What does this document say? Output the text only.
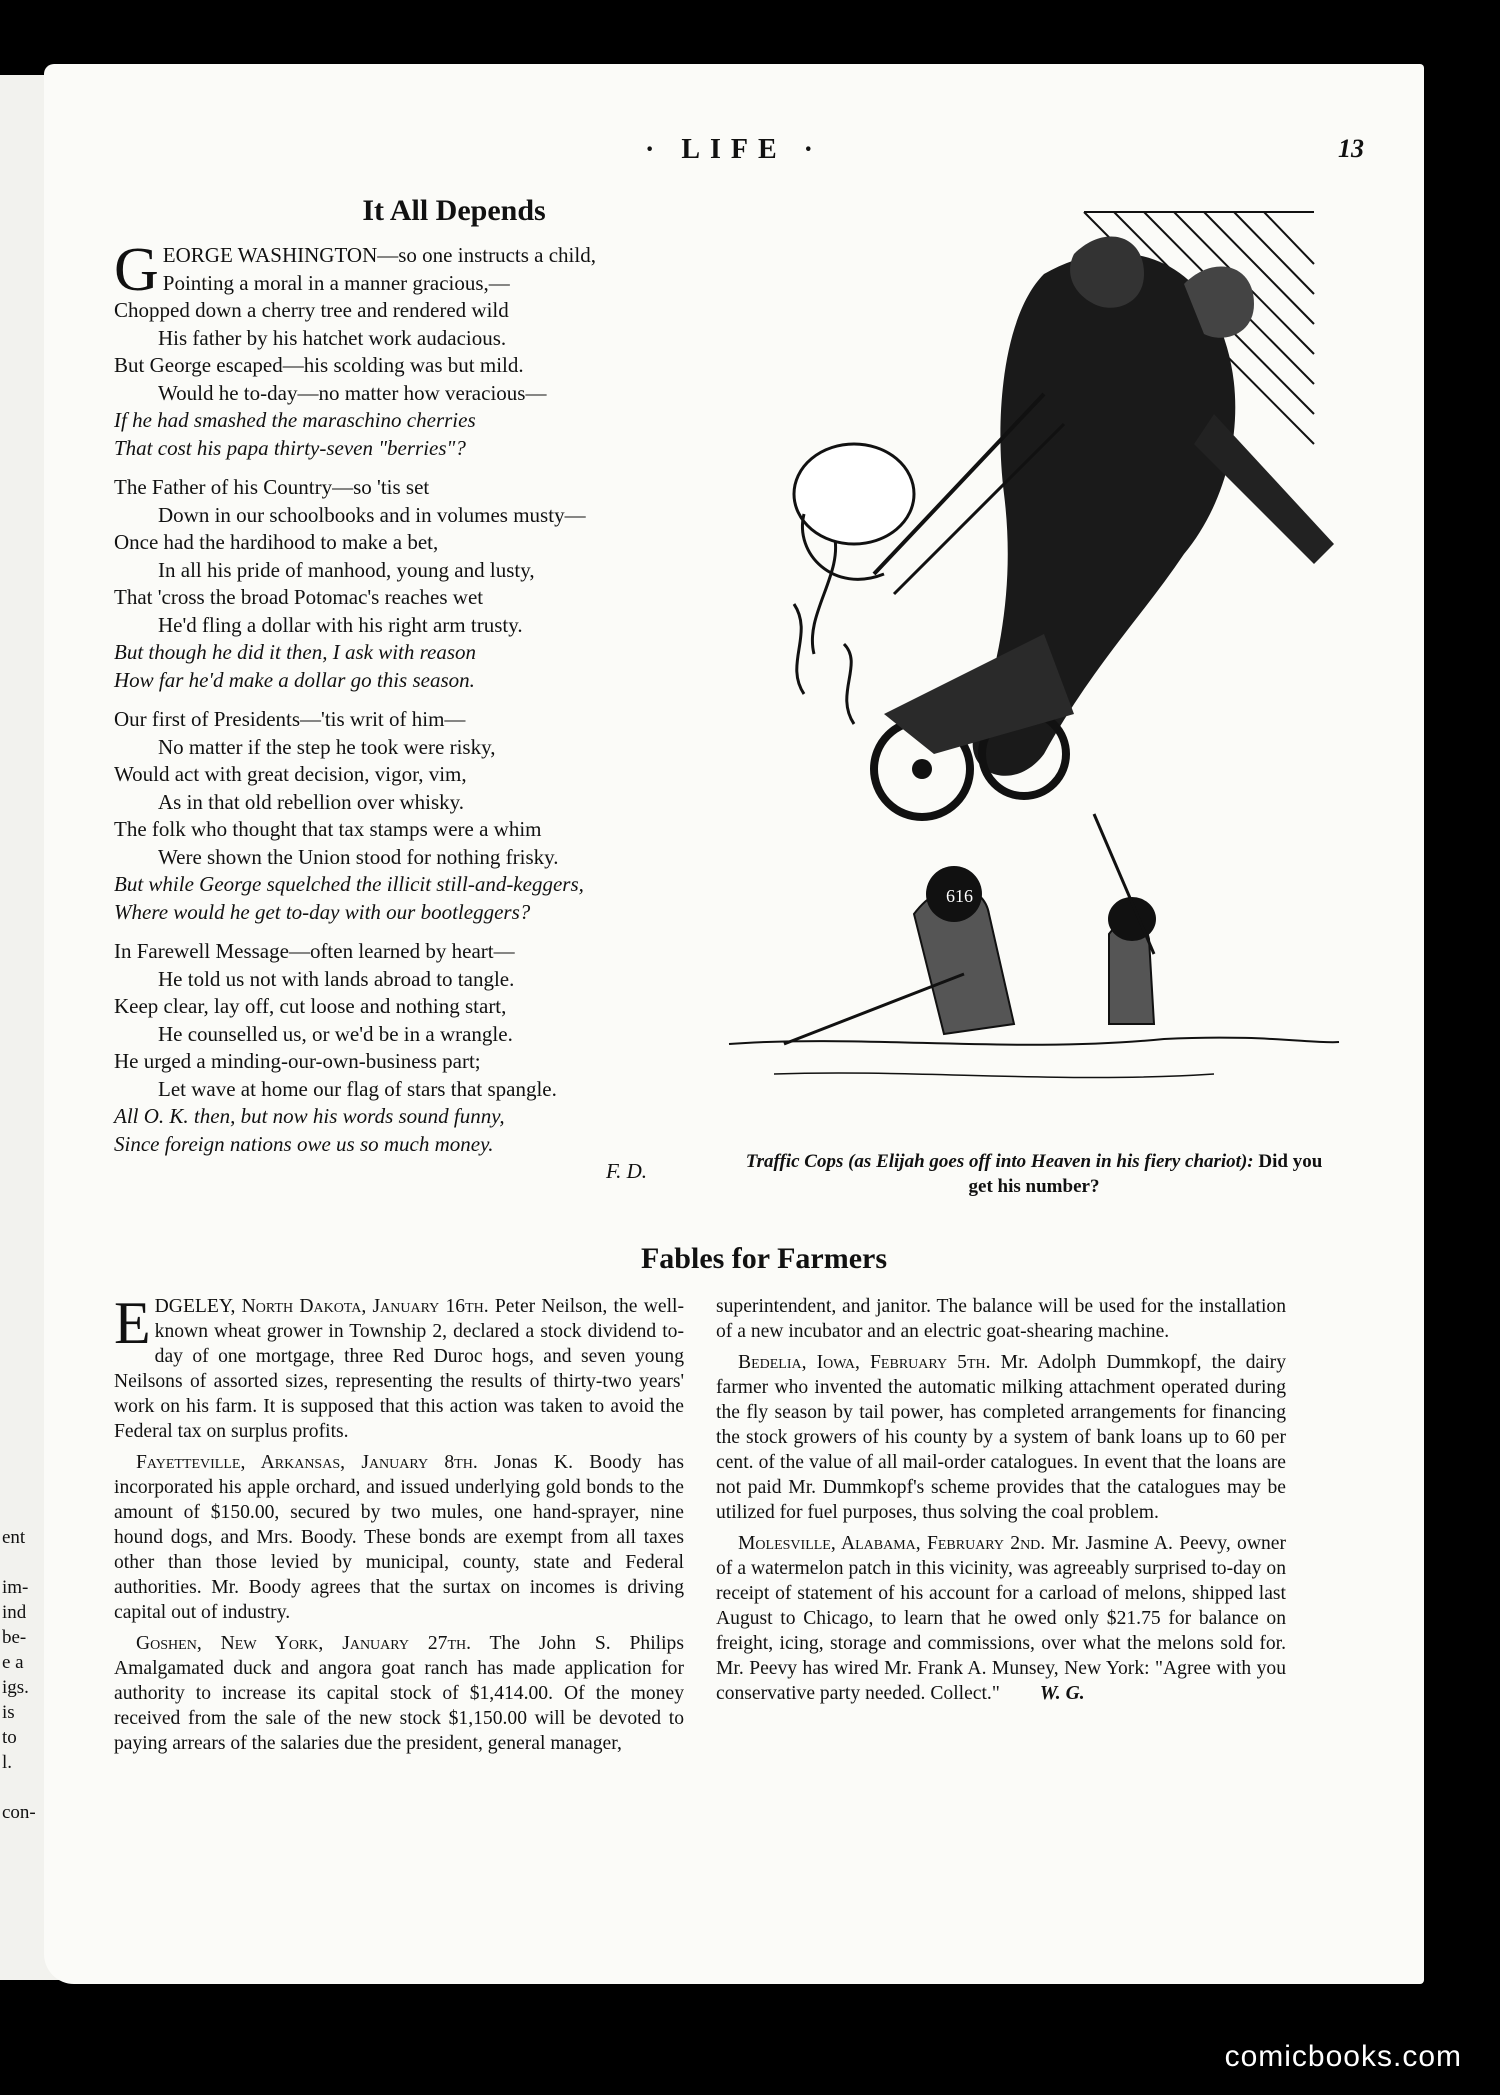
ent
im-
ind
be-
e a
igs.
is
to
l.
con-
· LIFE ·	13
It All Depends
GEORGE WASHINGTON—so one instructs a child,
Pointing a moral in a manner gracious,—
Chopped down a cherry tree and rendered wild
His father by his hatchet work audacious.
But George escaped—his scolding was but mild.
Would he to-day—no matter how veracious—
If he had smashed the maraschino cherries
That cost his papa thirty-seven "berries"?
The Father of his Country—so 'tis set
Down in our schoolbooks and in volumes musty—
Once had the hardihood to make a bet,
In all his pride of manhood, young and lusty,
That 'cross the broad Potomac's reaches wet
He'd fling a dollar with his right arm trusty.
But though he did it then, I ask with reason
How far he'd make a dollar go this season.
Our first of Presidents—'tis writ of him—
No matter if the step he took were risky,
Would act with great decision, vigor, vim,
As in that old rebellion over whisky.
The folk who thought that tax stamps were a whim
Were shown the Union stood for nothing frisky.
But while George squelched the illicit still-and-keggers,
Where would he get to-day with our bootleggers?
In Farewell Message—often learned by heart—
He told us not with lands abroad to tangle.
Keep clear, lay off, cut loose and nothing start,
He counselled us, or we'd be in a wrangle.
He urged a minding-our-own-business part;
Let wave at home our flag of stars that spangle.
All O. K. then, but now his words sound funny,
Since foreign nations owe us so much money.
F. D.
616
Traffic Cops (as Elijah goes off into Heaven in his fiery chariot): Did you get his number?
Fables for Farmers

EDGELEY, North Dakota, January 16th. Peter Neilson, the well-known wheat grower in Township 2, declared a stock dividend to-day of one mortgage, three Red Duroc hogs, and seven young Neilsons of assorted sizes, representing the results of thirty-two years' work on his farm. It is supposed that this action was taken to avoid the Federal tax on surplus profits.

Fayetteville, Arkansas, January 8th. Jonas K. Boody has incorporated his apple orchard, and issued underlying gold bonds to the amount of $150.00, secured by two mules, one hand-sprayer, nine hound dogs, and Mrs. Boody. These bonds are exempt from all taxes other than those levied by municipal, county, state and Federal authorities. Mr. Boody agrees that the surtax on incomes is driving capital out of industry.

Goshen, New York, January 27th. The John S. Philips Amalgamated duck and angora goat ranch has made application for authority to increase its capital stock of $1,414.00. Of the money received from the sale of the new stock $1,150.00 will be devoted to paying arrears of the salaries due the president, general manager,

superintendent, and janitor. The balance will be used for the installation of a new incubator and an electric goat-shearing machine.

Bedelia, Iowa, February 5th. Mr. Adolph Dummkopf, the dairy farmer who invented the automatic milking attachment operated during the fly season by tail power, has completed arrangements for financing the stock growers of his county by a system of bank loans up to 60 per cent. of the value of all mail-order catalogues. In event that the loans are not paid Mr. Dummkopf's scheme provides that the catalogues may be utilized for fuel purposes, thus solving the coal problem.

Molesville, Alabama, February 2nd. Mr. Jasmine A. Peevy, owner of a watermelon patch in this vicinity, was agreeably surprised to-day on receipt of statement of his account for a carload of melons, shipped last August to Chicago, to learn that he owed only $21.75 for balance on freight, icing, storage and commissions, over what the melons sold for. Mr. Peevy has wired Mr. Frank A. Munsey, New York: "Agree with you conservative party needed. Collect." W. G.

comicbooks.com
